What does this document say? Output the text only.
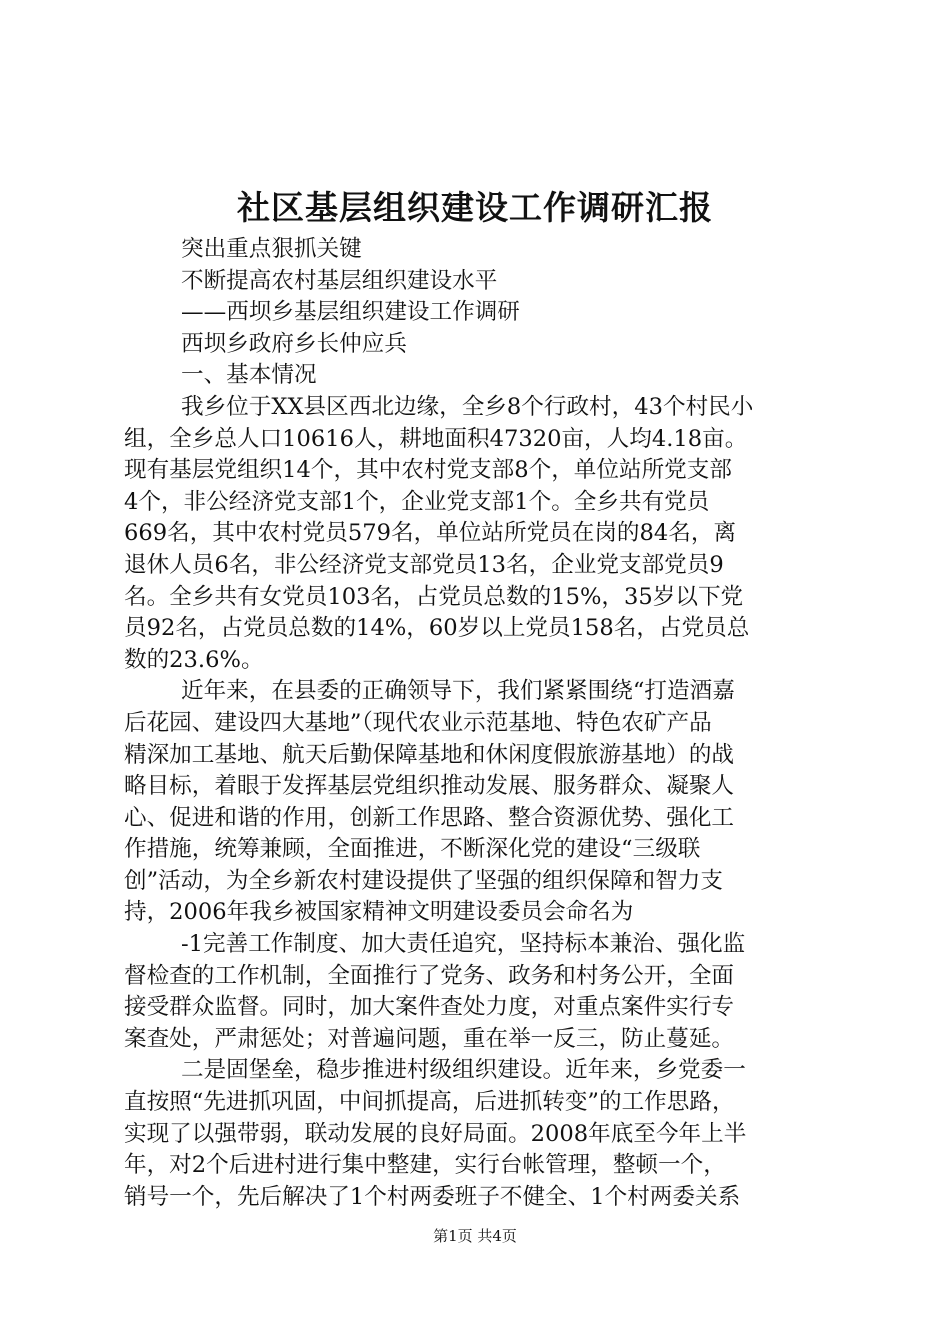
社区基层组织建设工作调研汇报
突出重点狠抓关键
不断提高农村基层组织建设水平
——西坝乡基层组织建设工作调研
西坝乡政府乡长仲应兵
一、基本情况
我乡位于XX县区西北边缘，全乡8个行政村，43个村民小
组，全乡总人口10616人，耕地面积47320亩，人均4.18亩。
现有基层党组织14个，其中农村党支部8个，单位站所党支部
4个，非公经济党支部1个，企业党支部1个。全乡共有党员
669名，其中农村党员579名，单位站所党员在岗的84名，离
退休人员6名，非公经济党支部党员13名，企业党支部党员9
名。全乡共有女党员103名，占党员总数的15%，35岁以下党
员92名，占党员总数的14%，60岁以上党员158名，占党员总
数的23.6%。
近年来，在县委的正确领导下，我们紧紧围绕“打造酒嘉
后花园、建设四大基地”（现代农业示范基地、特色农矿产品
精深加工基地、航天后勤保障基地和休闲度假旅游基地）的战
略目标，着眼于发挥基层党组织推动发展、服务群众、凝聚人
心、促进和谐的作用，创新工作思路、整合资源优势、强化工
作措施，统筹兼顾，全面推进，不断深化党的建设“三级联
创”活动，为全乡新农村建设提供了坚强的组织保障和智力支
持，2006年我乡被国家精神文明建设委员会命名为
-1完善工作制度、加大责任追究，坚持标本兼治、强化监
督检查的工作机制，全面推行了党务、政务和村务公开，全面
接受群众监督。同时，加大案件查处力度，对重点案件实行专
案查处，严肃惩处；对普遍问题，重在举一反三，防止蔓延。
二是固堡垒，稳步推进村级组织建设。近年来，乡党委一
直按照“先进抓巩固，中间抓提高，后进抓转变”的工作思路，
实现了以强带弱，联动发展的良好局面。2008年底至今年上半
年，对2个后进村进行集中整建，实行台帐管理，整顿一个，
销号一个，先后解决了1个村两委班子不健全、1个村两委关系
第1页 共4页
